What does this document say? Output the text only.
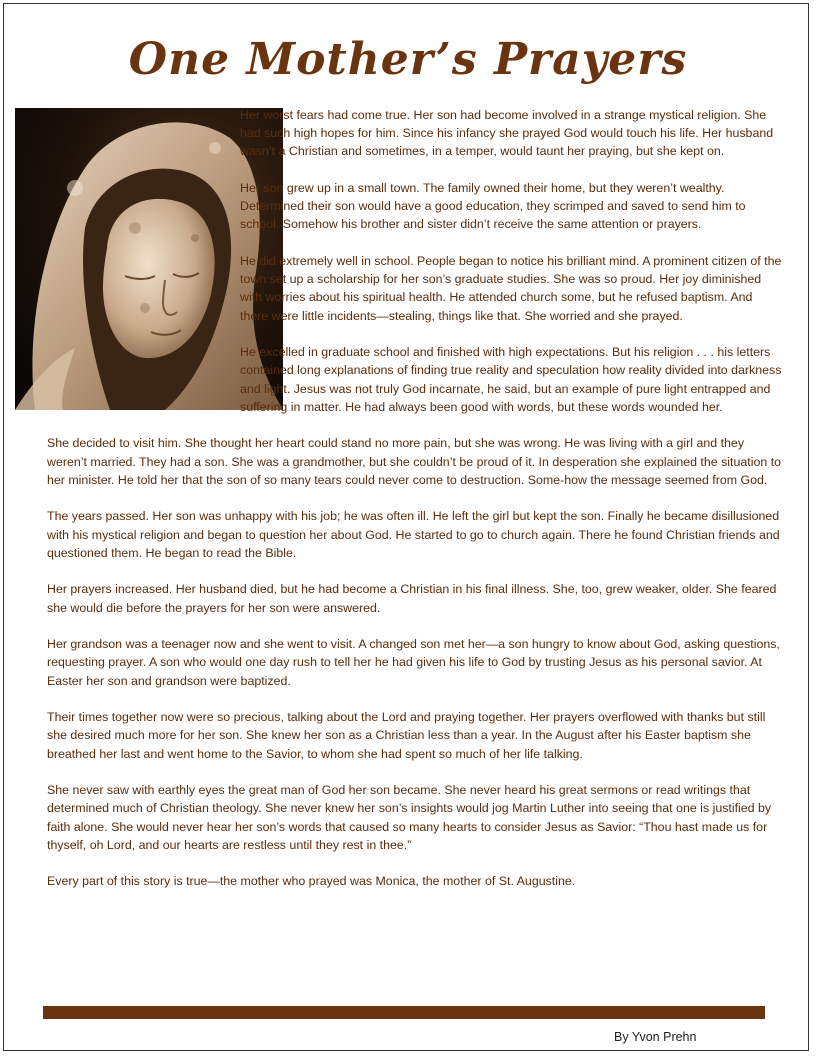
One Mother’s Prayers

Her worst fears had come true. Her son had become involved in a strange mystical religion. She had such high hopes for him. Since his infancy she prayed God would touch his life. Her husband wasn’t a Christian and sometimes, in a temper, would taunt her praying, but she kept on.

Her son grew up in a small town. The family owned their home, but they weren’t wealthy. Determined their son would have a good education, they scrimped and saved to send him to school. Somehow his brother and sister didn’t receive the same attention or prayers.

He did extremely well in school. People began to notice his brilliant mind. A prominent citizen of the town set up a scholarship for her son’s graduate studies. She was so proud. Her joy diminished with worries about his spiritual health. He attended church some, but he refused baptism. And there were little incidents—stealing, things like that. She worried and she prayed.

He excelled in graduate school and finished with high expectations. But his religion . . . his letters contained long explanations of finding true reality and speculation how reality divided into darkness and light. Jesus was not truly God incarnate, he said, but an example of pure light entrapped and suffering in matter. He had always been good with words, but these words wounded her.

She decided to visit him. She thought her heart could stand no more pain, but she was wrong. He was living with a girl and they weren’t married. They had a son. She was a grandmother, but she couldn’t be proud of it. In desperation she explained the situation to her minister. He told her that the son of so many tears could never come to destruction. Some-how the message seemed from God.

The years passed. Her son was unhappy with his job; he was often ill. He left the girl but kept the son. Finally he became disillusioned with his mystical religion and began to question her about God. He started to go to church again. There he found Christian friends and questioned them. He began to read the Bible.

Her prayers increased. Her husband died, but he had become a Christian in his final illness. She, too, grew weaker, older. She feared she would die before the prayers for her son were answered.

Her grandson was a teenager now and she went to visit. A changed son met her—a son hungry to know about God, asking questions, requesting prayer. A son who would one day rush to tell her he had given his life to God by trusting Jesus as his personal savior. At Easter her son and grandson were baptized.

Their times together now were so precious, talking about the Lord and praying together. Her prayers overflowed with thanks but still she desired much more for her son. She knew her son as a Christian less than a year. In the August after his Easter baptism she breathed her last and went home to the Savior, to whom she had spent so much of her life talking.

She never saw with earthly eyes the great man of God her son became. She never heard his great sermons or read writings that determined much of Christian theology. She never knew her son’s insights would jog Martin Luther into seeing that one is justified by faith alone. She would never hear her son’s words that caused so many hearts to consider Jesus as Savior: “Thou hast made us for thyself, oh Lord, and our hearts are restless until they rest in thee.”

Every part of this story is true—the mother who prayed was Monica, the mother of St. Augustine.

By Yvon Prehn
